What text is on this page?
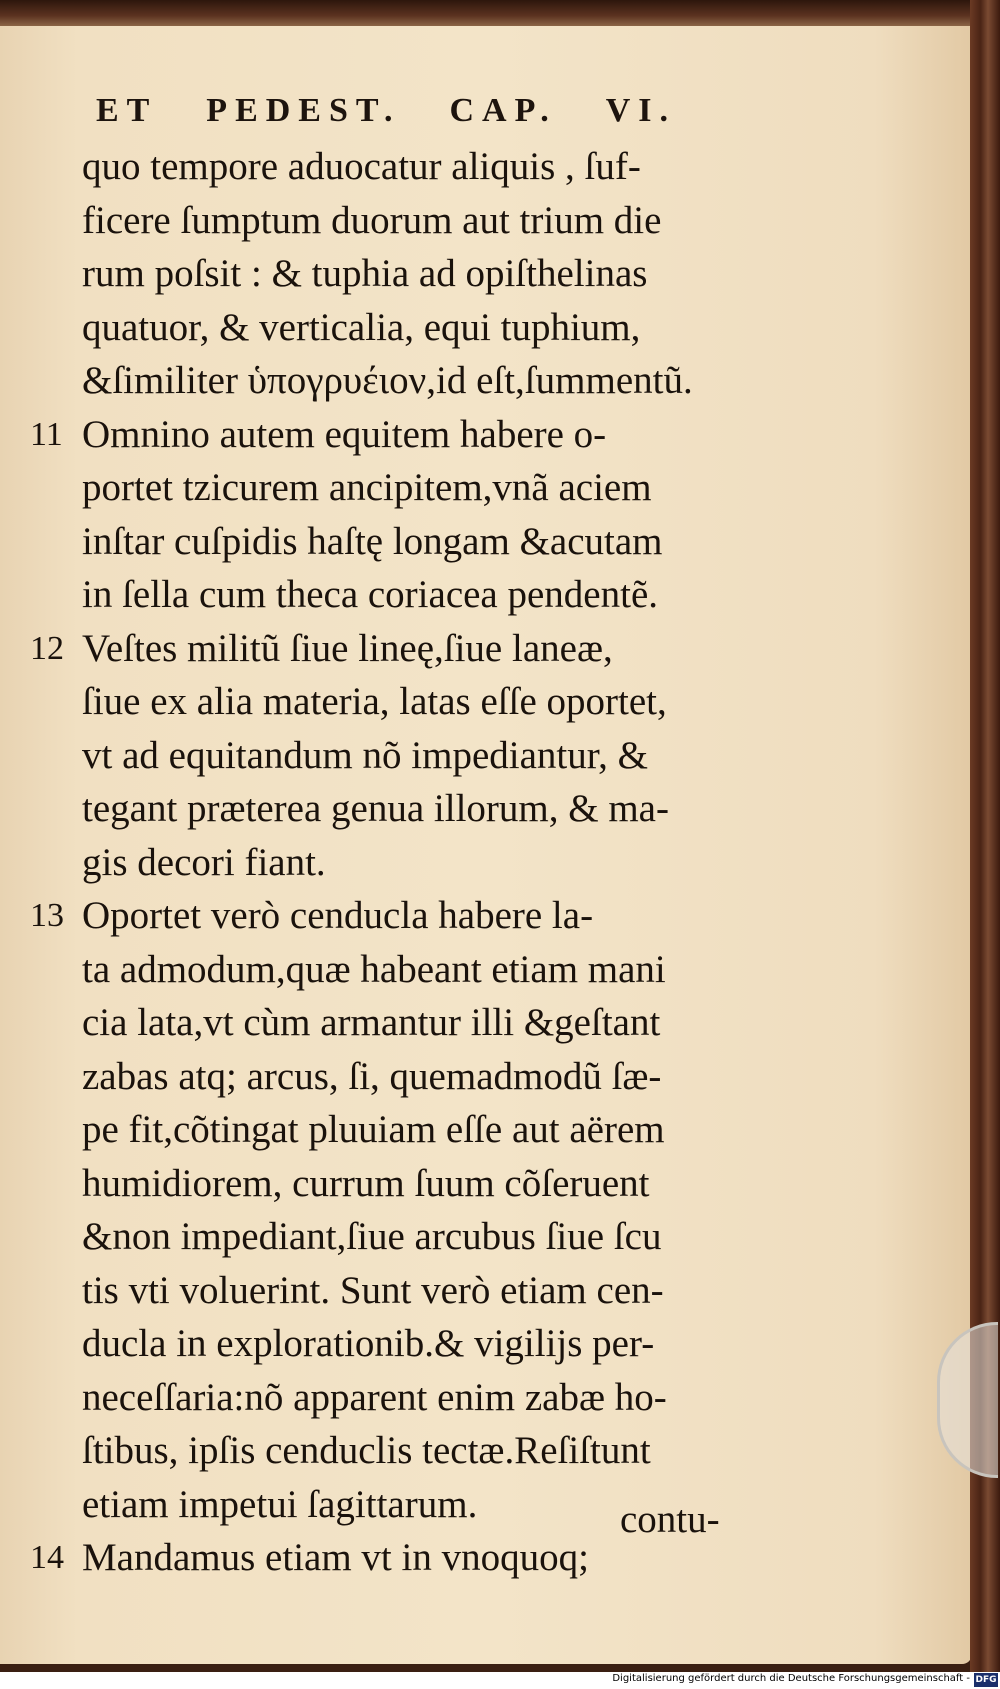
ET PEDEST. CAP. VI.
quo tempore aduocatur aliquis , ſuf-
ficere ſumptum duorum aut trium die
rum poſsit : & tuphia ad opiſthelinas
quatuor, & verticalia, equi tuphium,
&ſimiliter ὑπογρυέιον,id eſt,ſummentũ.
11 Omnino autem equitem habere o-
portet tzicurem ancipitem,vnã aciem
inſtar cuſpidis haſtę longam &acutam
in ſella cum theca coriacea pendentẽ.
12 Veſtes militũ ſiue lineę,ſiue laneæ,
ſiue ex alia materia, latas eſſe oportet,
vt ad equitandum nõ impediantur, &
tegant prӕterea genua illorum, & ma-
gis decori fiant.
13 Oportet verò cenducla habere la-
ta admodum,quæ habeant etiam mani
cia lata,vt cùm armantur illi &geſtant
zabas atq; arcus, ſi, quemadmodũ ſæ-
pe fit,cõtingat pluuiam eſſe aut aërem
humidiorem, currum ſuum cõſeruent
&non impediant,ſiue arcubus ſiue ſcu
tis vti voluerint. Sunt verò etiam cen-
ducla in explorationib.& vigilijs per-
neceſſaria:nõ apparent enim zabæ ho-
ſtibus, ipſis cenduclis tectæ.Reſiſtunt
etiam impetui ſagittarum.
14 Mandamus etiam vt in vnoquoq;
contu-
Digitalisierung gefördert durch die Deutsche Forschungsgemeinschaft - DFG
